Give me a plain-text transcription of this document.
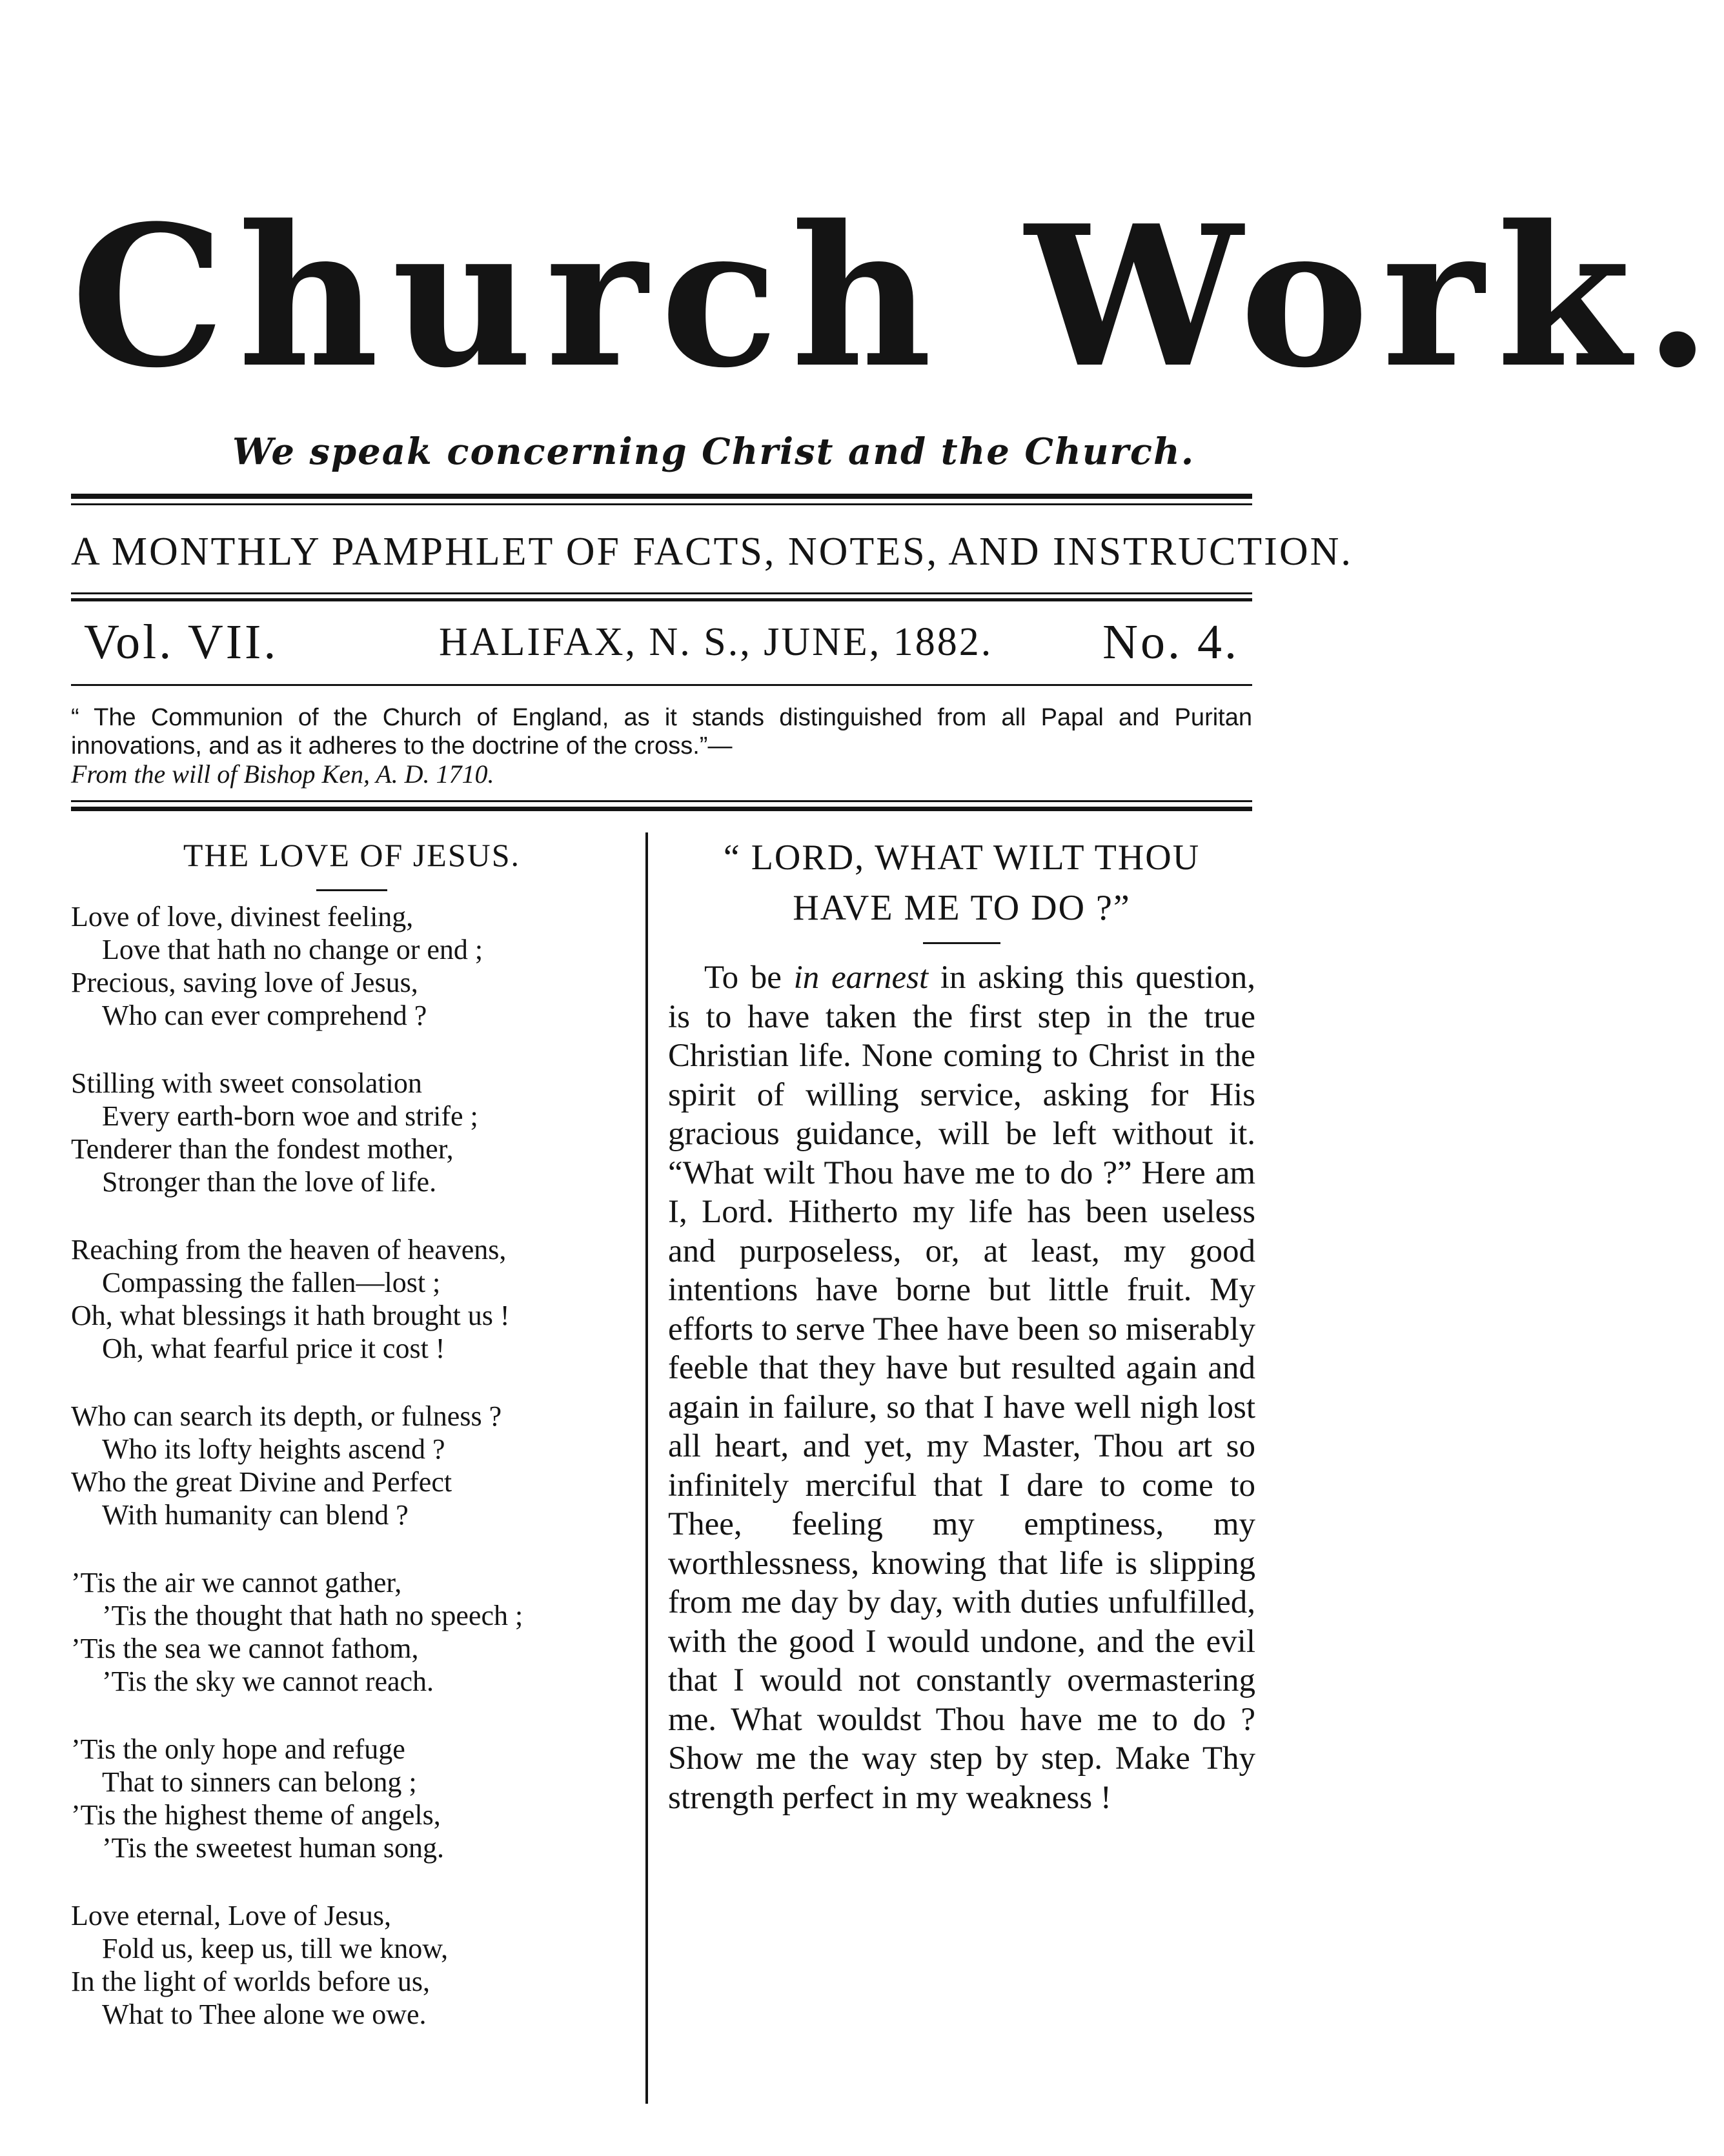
Church Work.
We speak concerning Christ and the Church.
A MONTHLY PAMPHLET OF FACTS, NOTES, AND INSTRUCTION.
Vol. VII.	HALIFAX, N. S., JUNE, 1882. No. 4.
“ The Communion of the Church of England, as it stands distinguished from all Papal and Puritan innovations, and as it adheres to the doctrine of the cross.”—
From the will of Bishop Ken, A. D. 1710.
THE LOVE OF JESUS.
Love of love, divinest feeling,
Love that hath no change or end ;
Precious, saving love of Jesus,
Who can ever comprehend ?
Stilling with sweet consolation
Every earth-born woe and strife ;
Tenderer than the fondest mother,
Stronger than the love of life.
Reaching from the heaven of heavens,
Compassing the fallen—lost ;
Oh, what blessings it hath brought us !
Oh, what fearful price it cost !
Who can search its depth, or fulness ?
Who its lofty heights ascend ?
Who the great Divine and Perfect
With humanity can blend ?
’Tis the air we cannot gather,
’Tis the thought that hath no speech ;
’Tis the sea we cannot fathom,
’Tis the sky we cannot reach.
’Tis the only hope and refuge
That to sinners can belong ;
’Tis the highest theme of angels,
’Tis the sweetest human song.
Love eternal, Love of Jesus,
Fold us, keep us, till we know,
In the light of worlds before us,
What to Thee alone we owe.
“ LORD, WHAT WILT THOU
HAVE ME TO DO ?”

To be in earnest in asking this question, is to have taken the first step in the true Christian life. None coming to Christ in the spirit of willing service, asking for His gracious guidance, will be left without it. “What wilt Thou have me to do ?” Here am I, Lord. Hitherto my life has been useless and purposeless, or, at least, my good intentions have borne but little fruit. My efforts to serve Thee have been so miserably feeble that they have but resulted again and again in failure, so that I have well nigh lost all heart, and yet, my Master, Thou art so infinitely merciful that I dare to come to Thee, feeling my emptiness, my worthlessness, knowing that life is slipping from me day by day, with duties unfulfilled, with the good I would undone, and the evil that I would not constantly overmastering me. What wouldst Thou have me to do ? Show me the way step by step. Make Thy strength perfect in my weakness !
